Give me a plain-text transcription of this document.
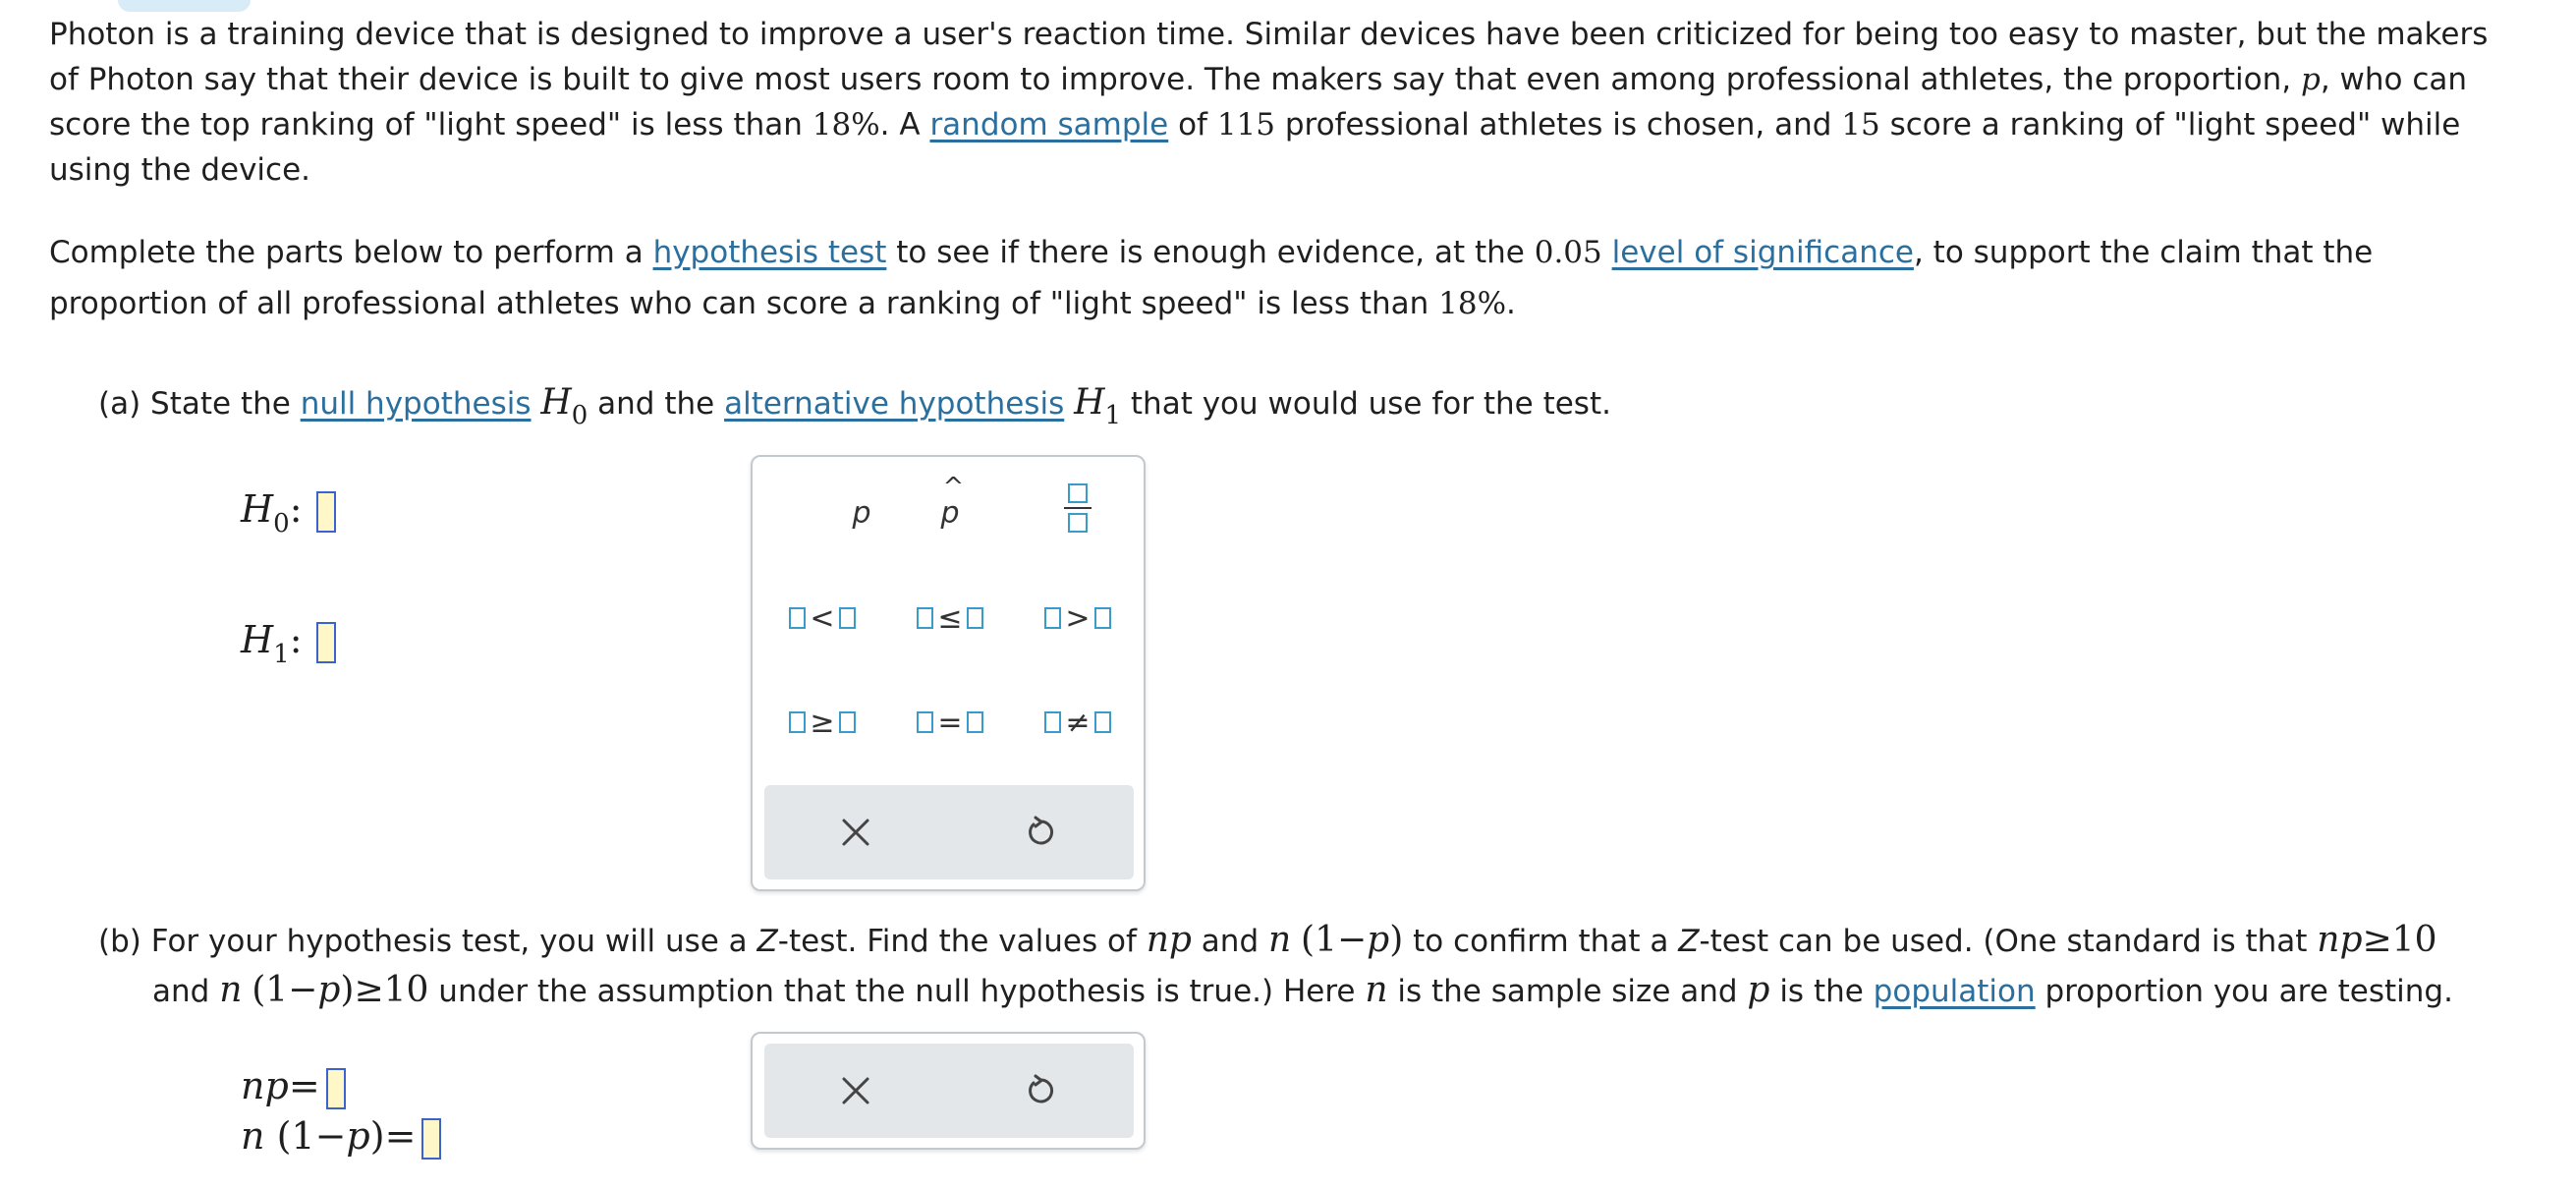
Photon is a training device that is designed to improve a user's reaction time. Similar devices have been criticized for being too easy to master, but the makers of Photon say that their device is built to give most users room to improve. The makers say that even among professional athletes, the proportion, p, who can score the top ranking of "light speed" is less than 18%. A random sample of 115 professional athletes is chosen, and 15 score a ranking of "light speed" while using the device.

Complete the parts below to perform a hypothesis test to see if there is enough evidence, at the 0.05 level of significance, to support the claim that the proportion of all professional athletes who can score a ranking of "light speed" is less than 18%.

(a) State the null hypothesis $H_0$ and the alternative hypothesis $H_1$ that you would use for the test.

$H_0$:
$H_1$:
p
^
p
<	≤	>
≥	=	≠

(b) For your hypothesis test, you will use a Z-test. Find the values of np and n (1−p) to confirm that a Z-test can be used. (One standard is that np≥10

and n (1−p)≥10 under the assumption that the null hypothesis is true.) Here n is the sample size and p is the population proportion you are testing.

np=
n (1−p)=
